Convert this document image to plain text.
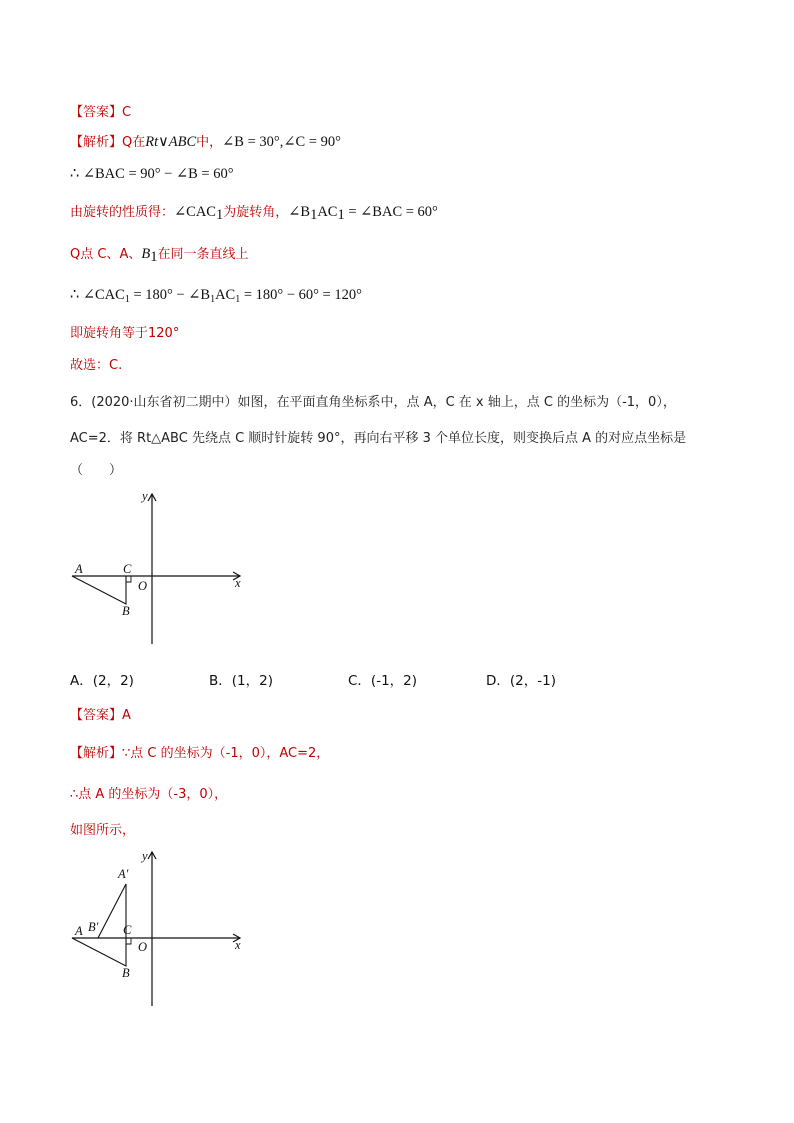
【答案】C
【解析】Q在Rt∨ABC中，∠B = 30°,∠C = 90°
∴ ∠BAC = 90° − ∠B = 60°
由旋转的性质得：$\angle CAC_1$为旋转角，$\angle B_1AC_1$ = ∠BAC = 60°
Q点 C、A、$B_1$在同一条直线上
∴ $\angle CAC_1 = 180^\circ$ − $\angle B_1AC_1 = 180^\circ - 60^\circ = 120^\circ$
即旋转角等于120°
故选：C.
6．(2020·山东省初二期中）如图，在平面直角坐标系中，点 A，C 在 x 轴上，点 C 的坐标为（-1，0），
AC=2．将 Rt△ABC 先绕点 C 顺时针旋转 90°，再向右平移 3 个单位长度，则变换后点 A 的对应点坐标是
（　　）
y
x
A	C
O
B
A．(2，2)	B．(1，2)	C．(-1，2)	D．(2，-1)
【答案】A
【解析】∵点 C 的坐标为（-1，0），AC=2，
∴点 A 的坐标为（-3，0），
如图所示，
y
x
A
A′
B′ C
O
B
